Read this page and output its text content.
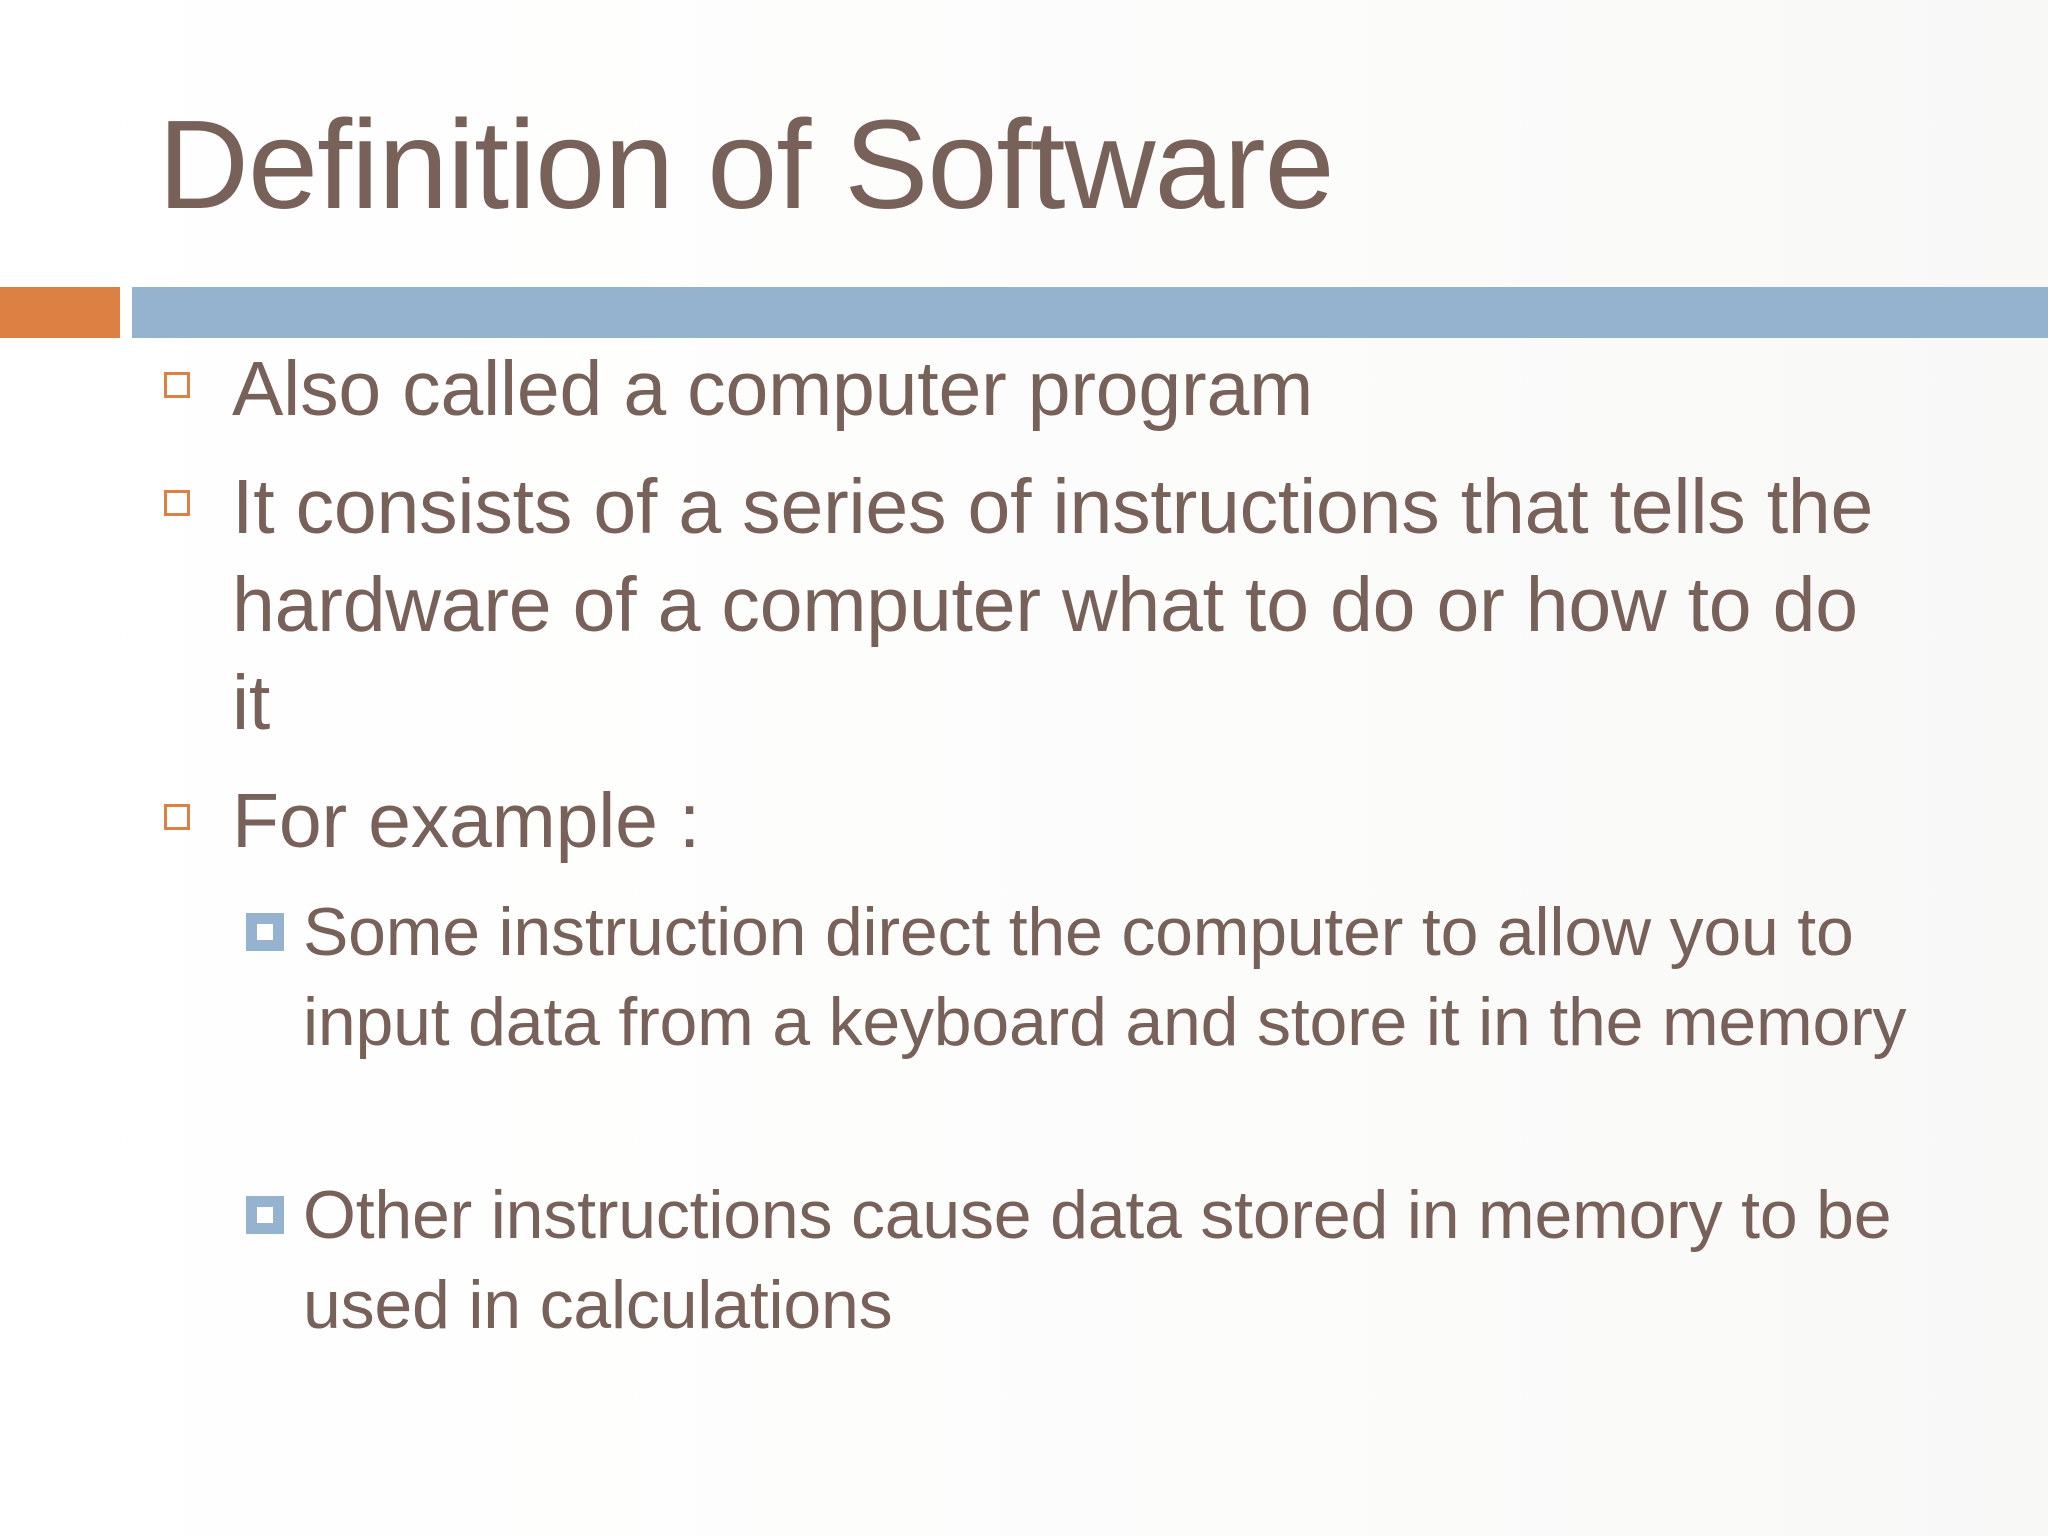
Definition of Software

Also called a computer program

It consists of a series of instructions that tells the hardware of a computer what to do or how to do it

For example :

Some instruction direct the computer to allow you to input data from a keyboard and store it in the memory

Other instructions cause data stored in memory to be used in calculations
